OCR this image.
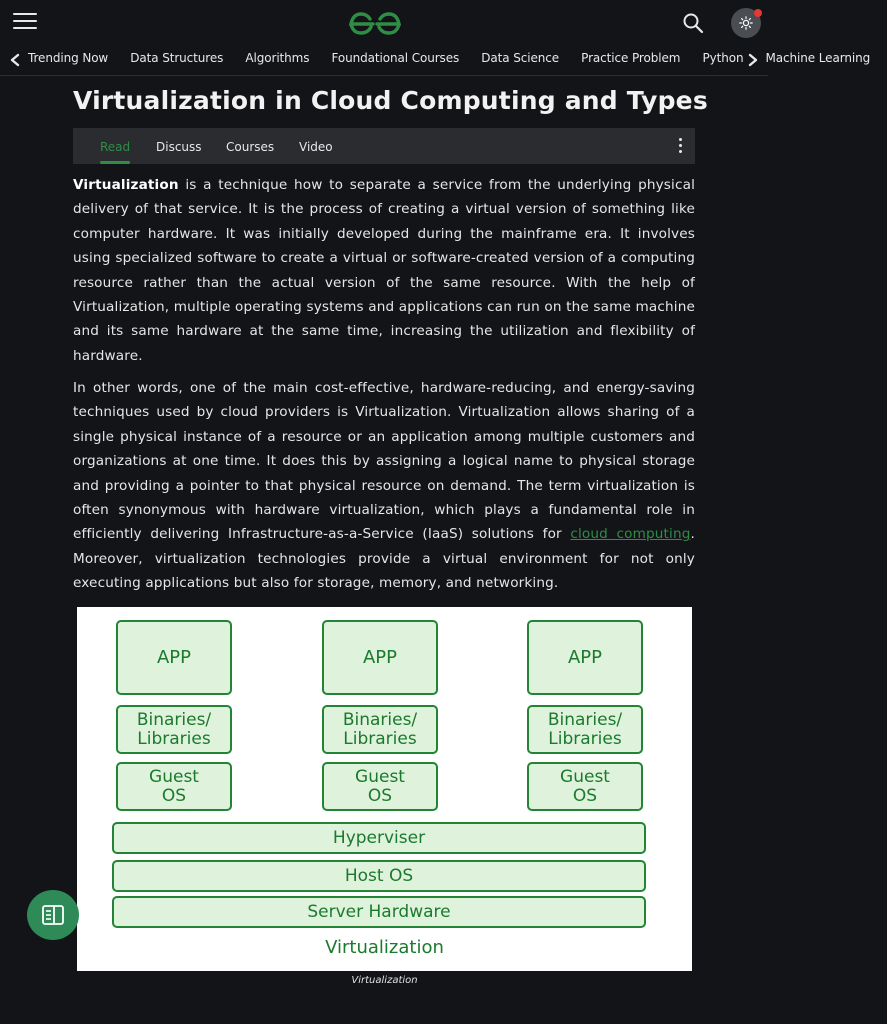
Trending Now Data Structures Algorithms Foundational Courses Data Science Practice Problem Python Machine Learning
Virtualization in Cloud Computing and Types
Read Discuss Courses Video

Virtualization is a technique how to separate a service from the underlying physical delivery of that service. It is the process of creating a virtual version of something like computer hardware. It was initially developed during the mainframe era. It involves using specialized software to create a virtual or software-created version of a computing resource rather than the actual version of the same resource. With the help of Virtualization, multiple operating systems and applications can run on the same machine and its same hardware at the same time, increasing the utilization and flexibility of hardware.

In other words, one of the main cost-effective, hardware-reducing, and energy-saving techniques used by cloud providers is Virtualization. Virtualization allows sharing of a single physical instance of a resource or an application among multiple customers and organizations at one time. It does this by assigning a logical name to physical storage and providing a pointer to that physical resource on demand. The term virtualization is often synonymous with hardware virtualization, which plays a fundamental role in efficiently delivering Infrastructure-as-a-Service (IaaS) solutions for cloud computing. Moreover, virtualization technologies provide a virtual environment for not only executing applications but also for storage, memory, and networking.

APP	APP	APP
Binaries/
Libraries
Binaries/
Libraries
Binaries/
Libraries
Guest
OS
Guest
OS
Guest
OS
Hyperviser
Host OS
Server Hardware
Virtualization
Virtualization
